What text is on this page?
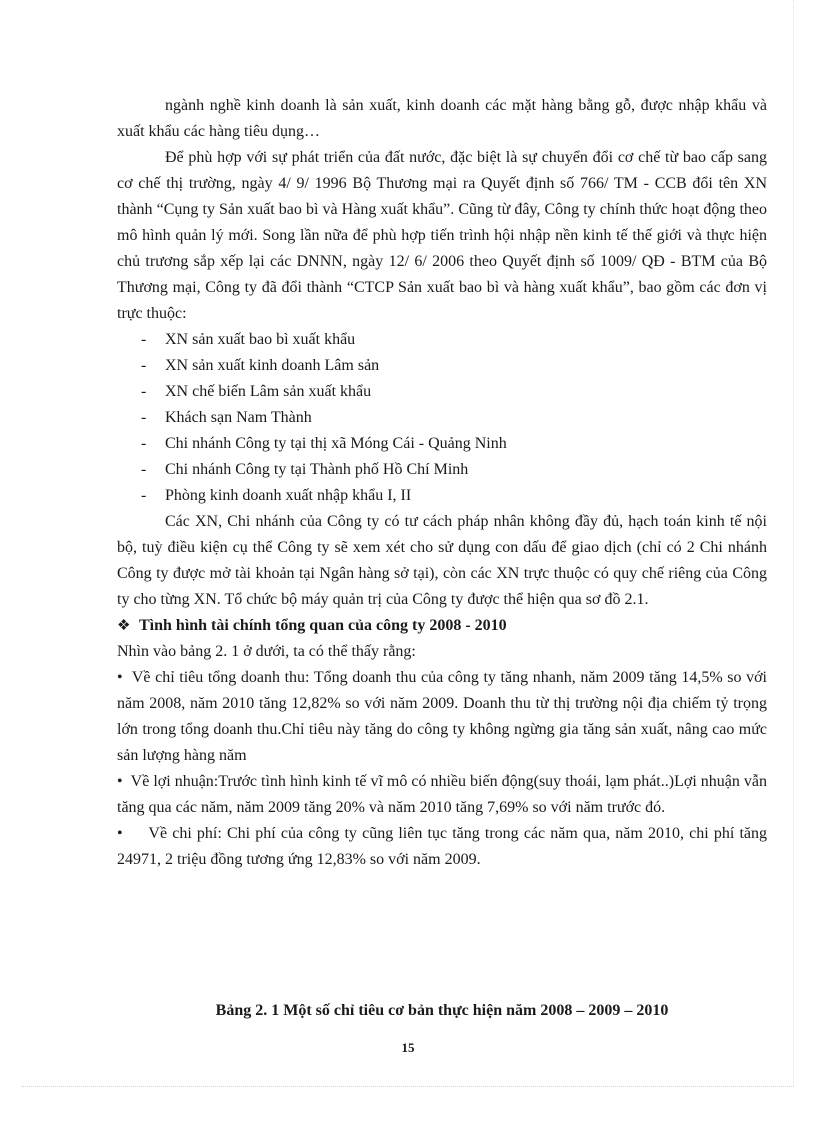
ngành nghề kinh doanh là sản xuất, kinh doanh các mặt hàng bằng gỗ, được nhập khẩu và xuất khẩu các hàng tiêu dụng…

Để phù hợp với sự phát triển của đất nước, đặc biệt là sự chuyển đổi cơ chế từ bao cấp sang cơ chế thị trường, ngày 4/ 9/ 1996 Bộ Thương mại ra Quyết định số 766/ TM - CCB đổi tên XN thành “Cụng ty Sản xuất bao bì và Hàng xuất khẩu”. Cũng từ đây, Công ty chính thức hoạt động theo mô hình quản lý mới. Song lần nữa để phù hợp tiến trình hội nhập nền kinh tế thế giới và thực hiện chủ trương sắp xếp lại các DNNN, ngày 12/ 6/ 2006 theo Quyết định số 1009/ QĐ - BTM của Bộ Thương mại, Công ty đã đổi thành “CTCP Sản xuất bao bì và hàng xuất khẩu”, bao gồm các đơn vị trực thuộc:

- XN sản xuất bao bì xuất khẩu
- XN sản xuất kinh doanh Lâm sản
- XN chế biến Lâm sản xuất khẩu
- Khách sạn Nam Thành
- Chi nhánh Công ty tại thị xã Móng Cái - Quảng Ninh
- Chi nhánh Công ty tại Thành phố Hồ Chí Minh
- Phòng kinh doanh xuất nhập khẩu I, II

Các XN, Chi nhánh của Công ty có tư cách pháp nhân không đầy đủ, hạch toán kinh tế nội bộ, tuỳ điều kiện cụ thể Công ty sẽ xem xét cho sử dụng con dấu để giao dịch (chỉ có 2 Chi nhánh Công ty được mở tài khoản tại Ngân hàng sở tại), còn các XN trực thuộc có quy chế riêng của Công ty cho từng XN. Tổ chức bộ máy quản trị của Công ty được thể hiện qua sơ đồ 2.1.

❖ Tình hình tài chính tổng quan của công ty 2008 - 2010

Nhìn vào bảng 2. 1 ở dưới, ta có thể thấy rằng:

• Về chỉ tiêu tổng doanh thu: Tổng doanh thu của công ty tăng nhanh, năm 2009 tăng 14,5% so với năm 2008, năm 2010 tăng 12,82% so với năm 2009. Doanh thu từ thị trường nội địa chiếm tỷ trọng lớn trong tổng doanh thu.Chỉ tiêu này tăng do công ty không ngừng gia tăng sản xuất, nâng cao mức sản lượng hàng năm

• Về lợi nhuận:Trước tình hình kinh tế vĩ mô có nhiều biến động(suy thoái, lạm phát..)Lợi nhuận vẫn tăng qua các năm, năm 2009 tăng 20% và năm 2010 tăng 7,69% so với năm trước đó.

• Về chi phí: Chi phí của công ty cũng liên tục tăng trong các năm qua, năm 2010, chi phí tăng 24971, 2 triệu đồng tương ứng 12,83% so với năm 2009.

Bảng 2. 1 Một số chỉ tiêu cơ bản thực hiện năm 2008 – 2009 – 2010
15
